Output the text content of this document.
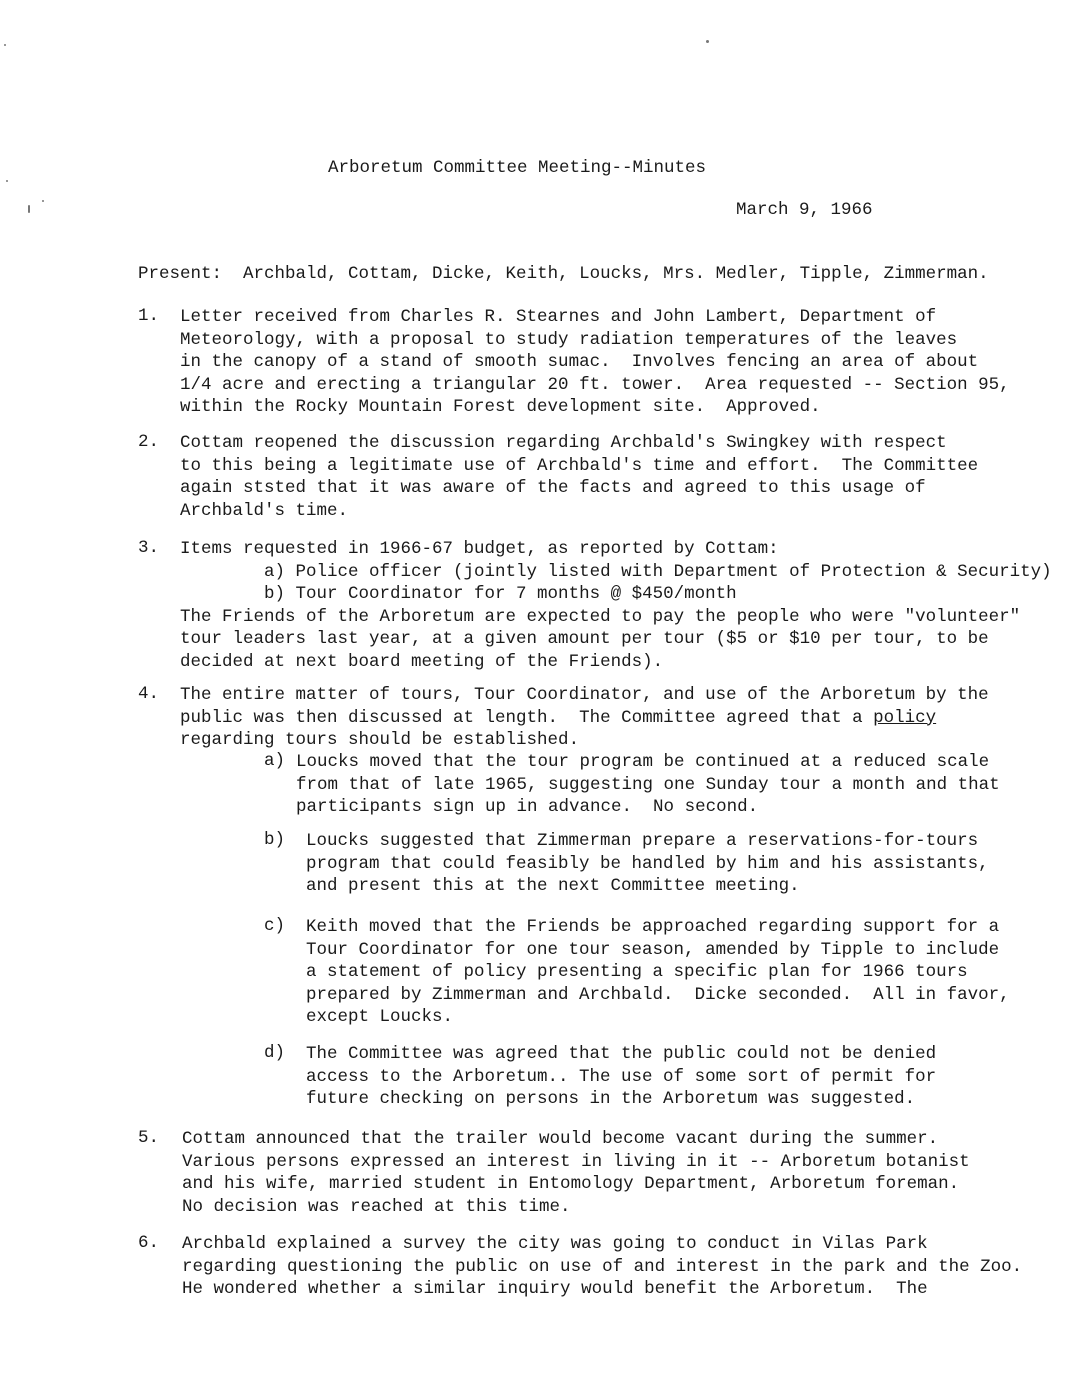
Arboretum Committee Meeting--Minutes
March 9, 1966
Present:  Archbald, Cottam, Dicke, Keith, Loucks, Mrs. Medler, Tipple, Zimmerman.
1.	Letter received from Charles R. Stearnes and John Lambert, Department of
Meteorology, with a proposal to study radiation temperatures of the leaves
in the canopy of a stand of smooth sumac.  Involves fencing an area of about
1/4 acre and erecting a triangular 20 ft. tower.  Area requested -- Section 95,
within the Rocky Mountain Forest development site.  Approved.
2.	Cottam reopened the discussion regarding Archbald's Swingkey with respect
to this being a legitimate use of Archbald's time and effort.  The Committee
again ststed that it was aware of the facts and agreed to this usage of
Archbald's time.
3.	Items requested in 1966-67 budget, as reported by Cottam:
a) Police officer (jointly listed with Department of Protection & Security)
b) Tour Coordinator for 7 months @ $450/month
The Friends of the Arboretum are expected to pay the people who were "volunteer"
tour leaders last year, at a given amount per tour ($5 or $10 per tour, to be
decided at next board meeting of the Friends).
4.	The entire matter of tours, Tour Coordinator, and use of the Arboretum by the
public was then discussed at length.  The Committee agreed that a policy
regarding tours should be established.
a) Loucks moved that the tour program be continued at a reduced scale
from that of late 1965, suggesting one Sunday tour a month and that
participants sign up in advance.  No second.
b) Loucks suggested that Zimmerman prepare a reservations-for-tours
program that could feasibly be handled by him and his assistants,
and present this at the next Committee meeting.
c) Keith moved that the Friends be approached regarding support for a
Tour Coordinator for one tour season, amended by Tipple to include
a statement of policy presenting a specific plan for 1966 tours
prepared by Zimmerman and Archbald.  Dicke seconded.  All in favor,
except Loucks.
d) The Committee was agreed that the public could not be denied
access to the Arboretum.. The use of some sort of permit for
future checking on persons in the Arboretum was suggested.
5.	Cottam announced that the trailer would become vacant during the summer.
Various persons expressed an interest in living in it -- Arboretum botanist
and his wife, married student in Entomology Department, Arboretum foreman.
No decision was reached at this time.
6.	Archbald explained a survey the city was going to conduct in Vilas Park
regarding questioning the public on use of and interest in the park and the Zoo.
He wondered whether a similar inquiry would benefit the Arboretum.  The
